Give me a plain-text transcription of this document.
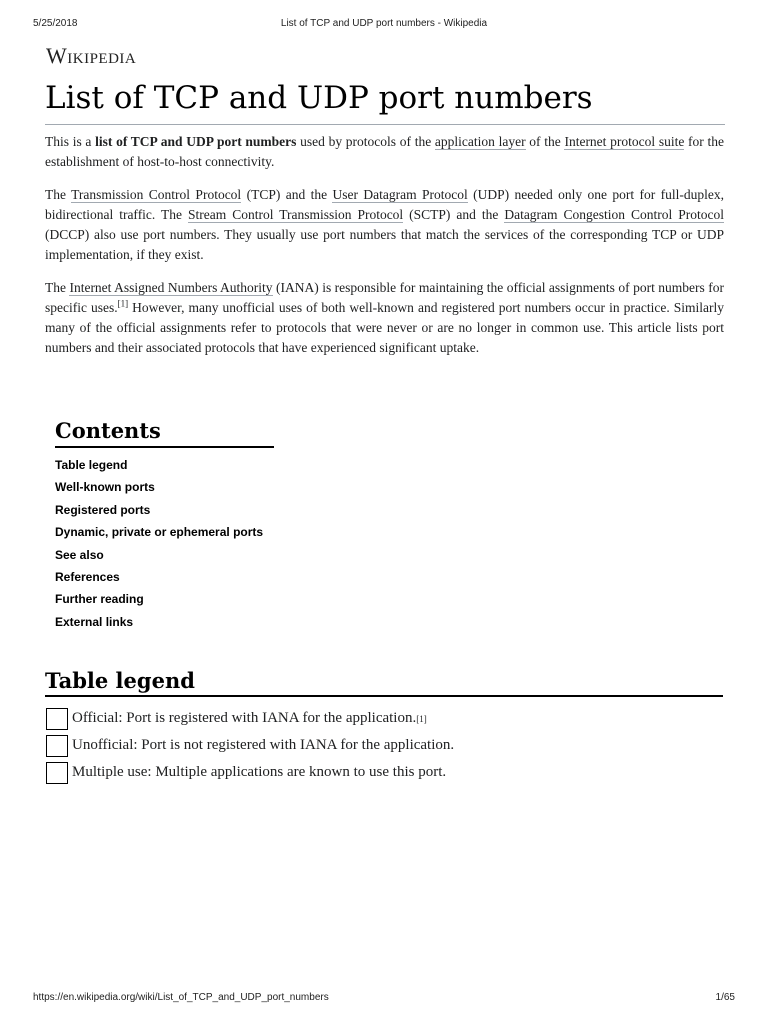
5/25/2018	List of TCP and UDP port numbers - Wikipedia
Wikipedia
List of TCP and UDP port numbers

This is a list of TCP and UDP port numbers used by protocols of the application layer of the Internet protocol suite for the establishment of host-to-host connectivity.

The Transmission Control Protocol (TCP) and the User Datagram Protocol (UDP) needed only one port for full-duplex, bidirectional traffic. The Stream Control Transmission Protocol (SCTP) and the Datagram Congestion Control Protocol (DCCP) also use port numbers. They usually use port numbers that match the services of the corresponding TCP or UDP implementation, if they exist.

The Internet Assigned Numbers Authority (IANA) is responsible for maintaining the official assignments of port numbers for specific uses.[1] However, many unofficial uses of both well-known and registered port numbers occur in practice. Similarly many of the official assignments refer to protocols that were never or are no longer in common use. This article lists port numbers and their associated protocols that have experienced significant uptake.

Contents
Table legend
Well-known ports
Registered ports
Dynamic, private or ephemeral ports
See also
References
Further reading
External links
Table legend
Official: Port is registered with IANA for the application. [1]
Unofficial: Port is not registered with IANA for the application.
Multiple use: Multiple applications are known to use this port.
https://en.wikipedia.org/wiki/List_of_TCP_and_UDP_port_numbers	1/65
